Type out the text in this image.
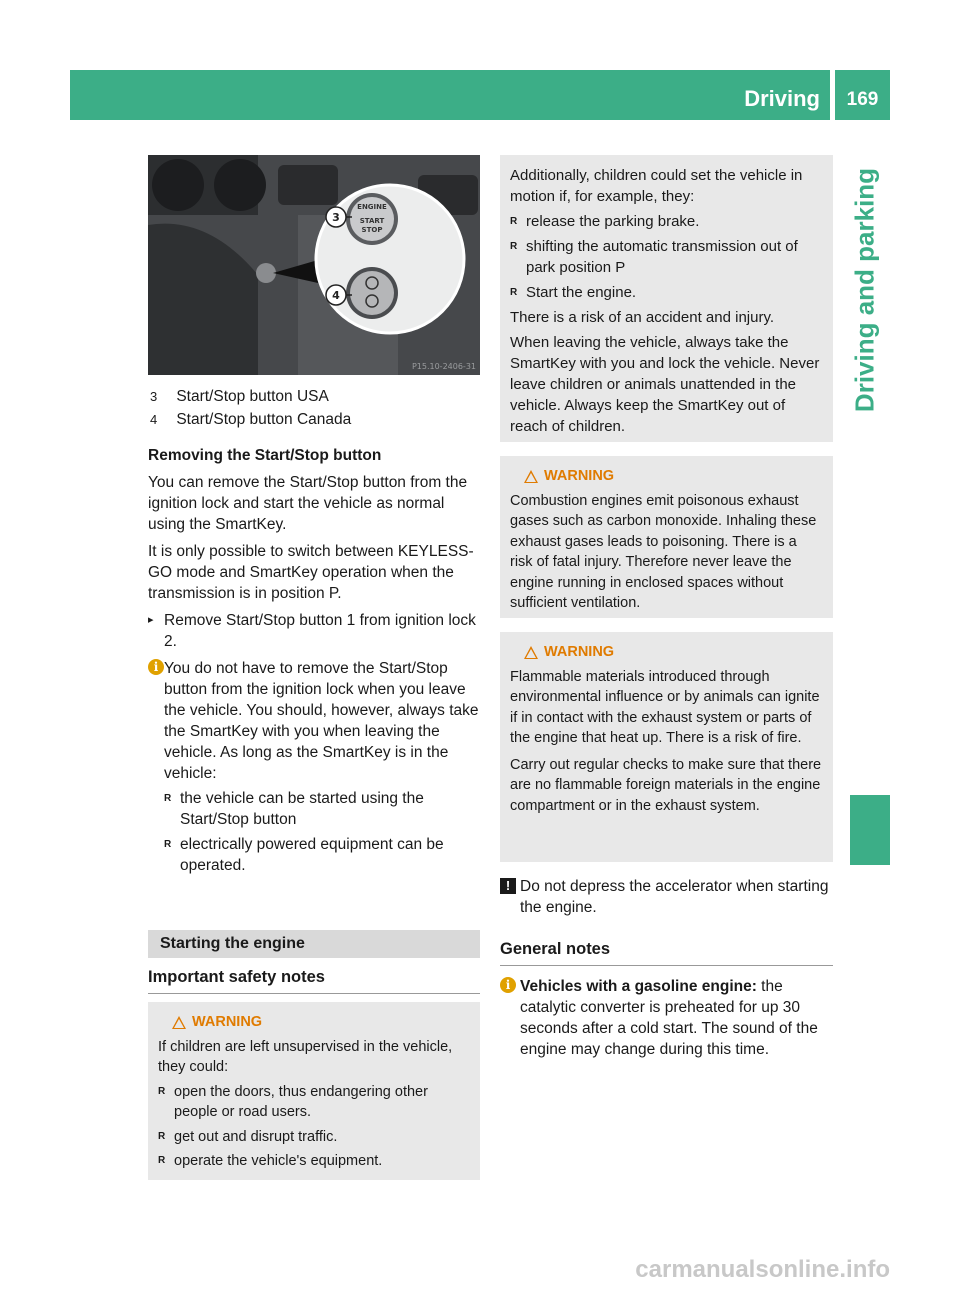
Driving	169
Driving and parking
ENGINE
START
STOP
3
4
P15.10-2406-31
3 Start/Stop button USA
4 Start/Stop button Canada
Removing the Start/Stop button
You can remove the Start/Stop button from the ignition lock and start the vehicle as normal using the SmartKey.
It is only possible to switch between KEYLESS-GO mode and SmartKey operation when the transmission is in position P.
▸ Remove Start/Stop button 1 from ignition lock 2.
i You do not have to remove the Start/Stop button from the ignition lock when you leave the vehicle. You should, however, always take the SmartKey with you when leaving the vehicle. As long as the SmartKey is in the vehicle:
R the vehicle can be started using the Start/Stop button
R electrically powered equipment can be operated.
Starting the engine
Important safety notes
WARNING
If children are left unsupervised in the vehicle, they could:
R open the doors, thus endangering other people or road users.
R get out and disrupt traffic.
R operate the vehicle's equipment.
Additionally, children could set the vehicle in motion if, for example, they:
R release the parking brake.
R shifting the automatic transmission out of park position P
R Start the engine.
There is a risk of an accident and injury.
When leaving the vehicle, always take the SmartKey with you and lock the vehicle. Never leave children or animals unattended in the vehicle. Always keep the SmartKey out of reach of children.
WARNING
Combustion engines emit poisonous exhaust gases such as carbon monoxide. Inhaling these exhaust gases leads to poisoning. There is a risk of fatal injury. Therefore never leave the engine running in enclosed spaces without sufficient ventilation.
WARNING
Flammable materials introduced through environmental influence or by animals can ignite if in contact with the exhaust system or parts of the engine that heat up. There is a risk of fire.
Carry out regular checks to make sure that there are no flammable foreign materials in the engine compartment or in the exhaust system.
! Do not depress the accelerator when starting the engine.
General notes
i Vehicles with a gasoline engine: the catalytic converter is preheated for up 30 seconds after a cold start. The sound of the engine may change during this time.
carmanualsonline.info
